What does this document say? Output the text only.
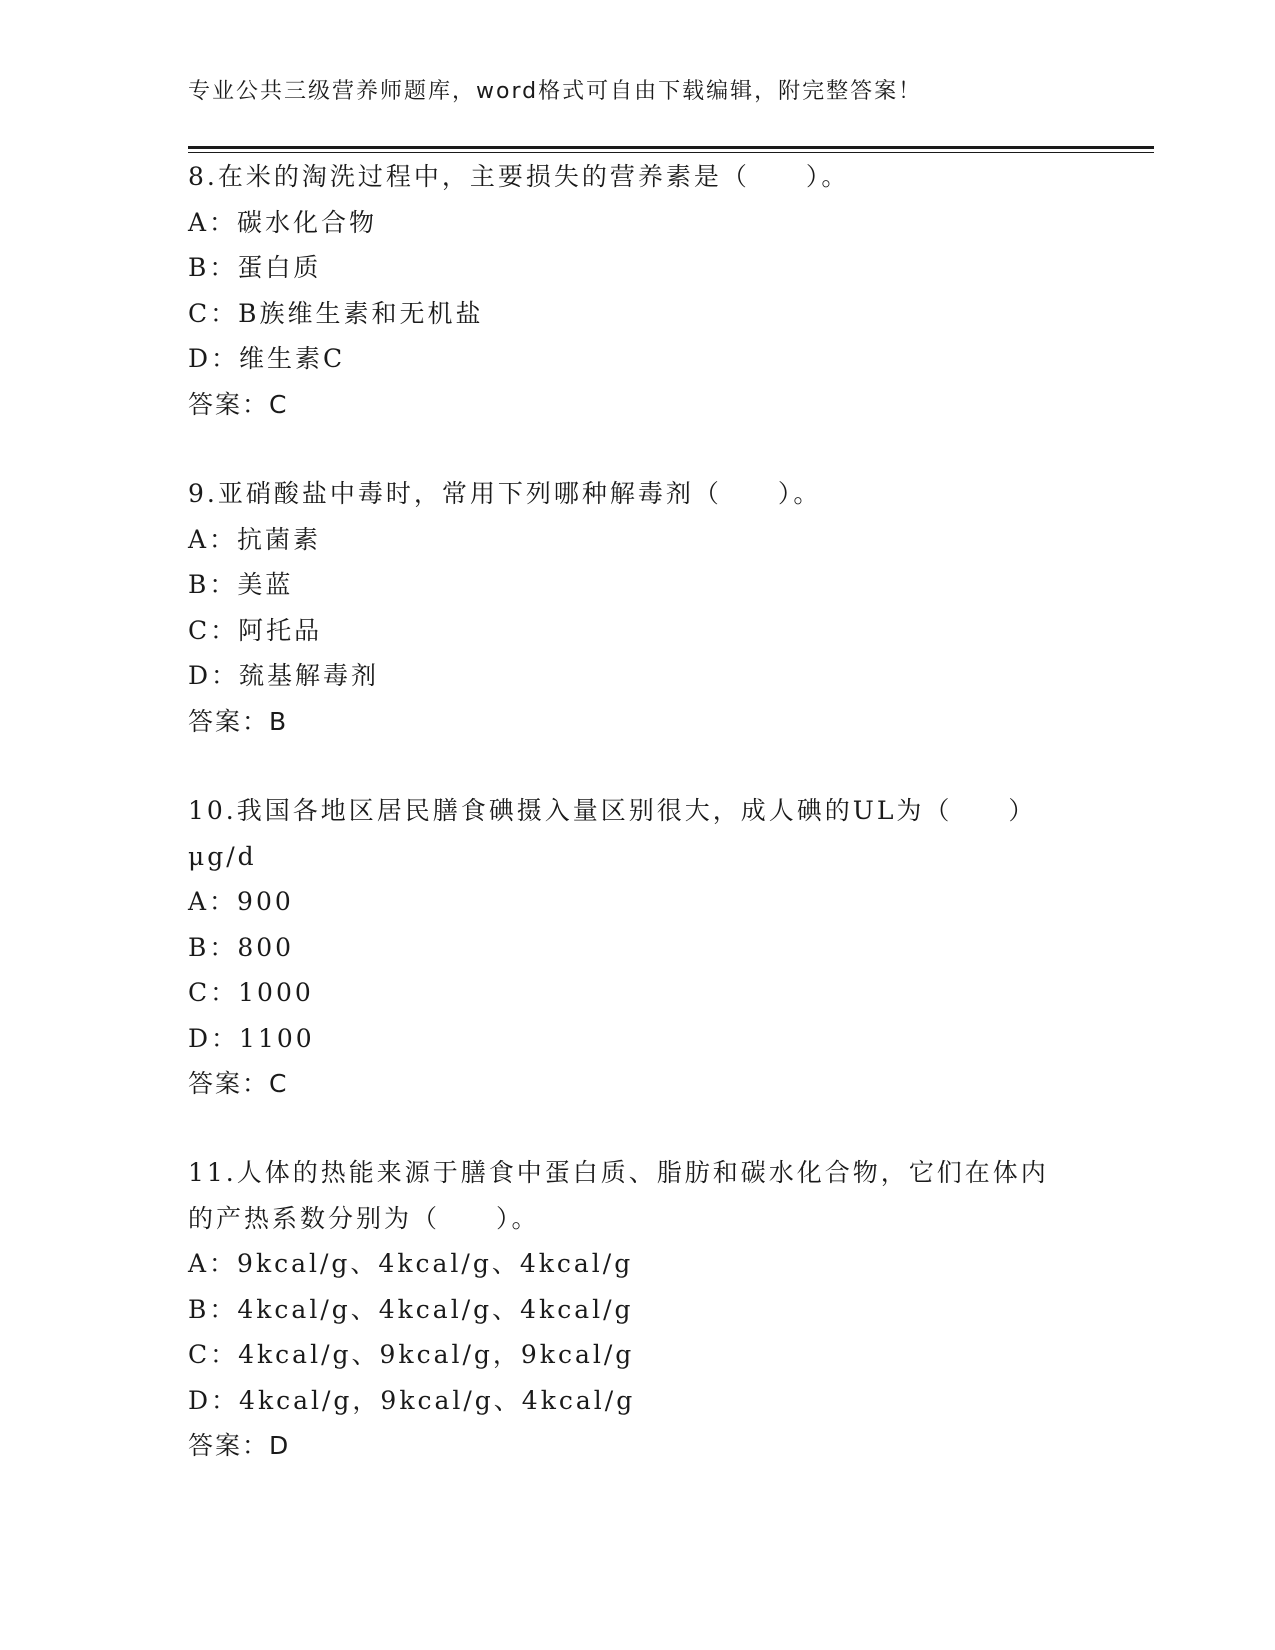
专业公共三级营养师题库，word格式可自由下载编辑，附完整答案！
8.在米的淘洗过程中，主要损失的营养素是（　　）。
A：碳水化合物
B：蛋白质
C：B族维生素和无机盐
D：维生素C
答案：C
9.亚硝酸盐中毒时，常用下列哪种解毒剂（　　）。
A：抗菌素
B：美蓝
C：阿托品
D：巯基解毒剂
答案：B
10.我国各地区居民膳食碘摄入量区别很大，成人碘的UL为（　　）
μg/d
A：900
B：800
C：1000
D：1100
答案：C
11.人体的热能来源于膳食中蛋白质、脂肪和碳水化合物，它们在体内
的产热系数分别为（　　）。
A：9kcal/g、4kcal/g、4kcal/g
B：4kcal/g、4kcal/g、4kcal/g
C：4kcal/g、9kcal/g，9kcal/g
D：4kcal/g，9kcal/g、4kcal/g
答案：D
